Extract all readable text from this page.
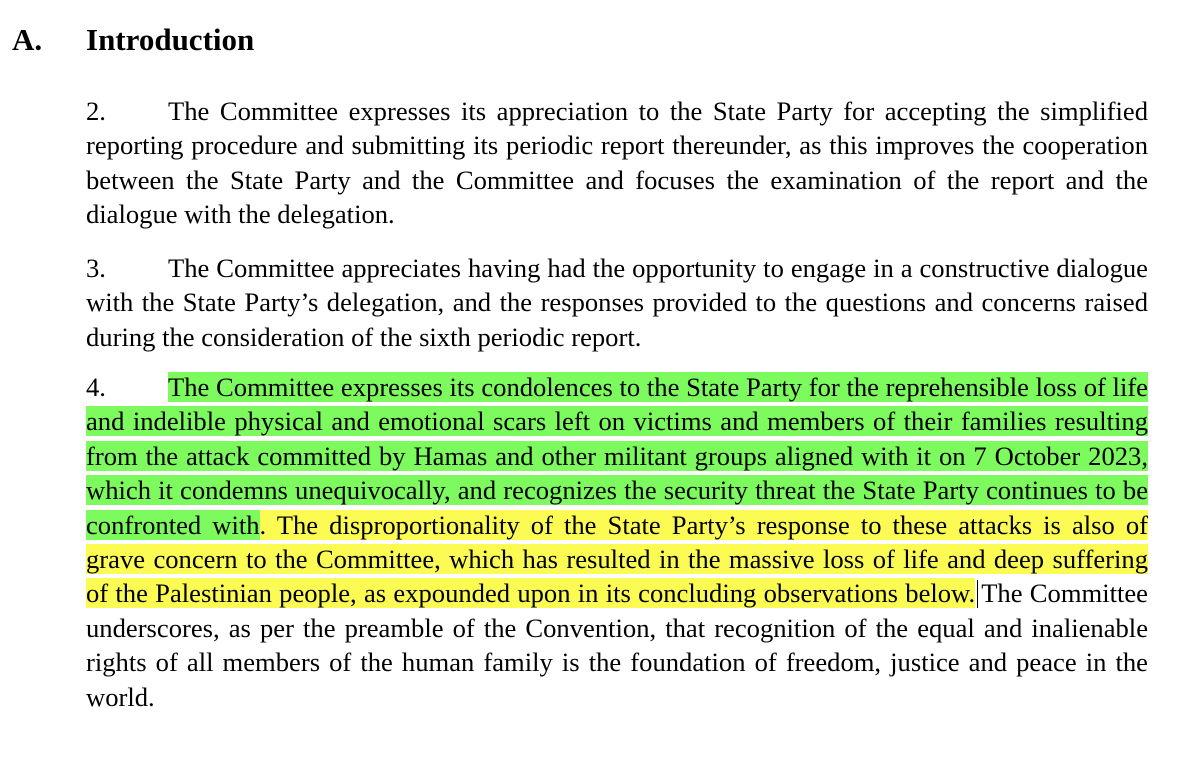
A. Introduction

2. The Committee expresses its appreciation to the State Party for accepting the simplified reporting procedure and submitting its periodic report thereunder, as this improves the cooperation between the State Party and the Committee and focuses the examination of the report and the dialogue with the delegation.

3. The Committee appreciates having had the opportunity to engage in a constructive dialogue with the State Party’s delegation, and the responses provided to the questions and concerns raised during the consideration of the sixth periodic report.

4. The Committee expresses its condolences to the State Party for the reprehensible loss of life and indelible physical and emotional scars left on victims and members of their families resulting from the attack committed by Hamas and other militant groups aligned with it on 7 October 2023, which it condemns unequivocally, and recognizes the security threat the State Party continues to be confronted with. The disproportionality of the State Party’s response to these attacks is also of grave concern to the Committee, which has resulted in the massive loss of life and deep suffering of the Palestinian people, as expounded upon in its concluding observations below. The Committee underscores, as per the preamble of the Convention, that recognition of the equal and inalienable rights of all members of the human family is the foundation of freedom, justice and peace in the world.
